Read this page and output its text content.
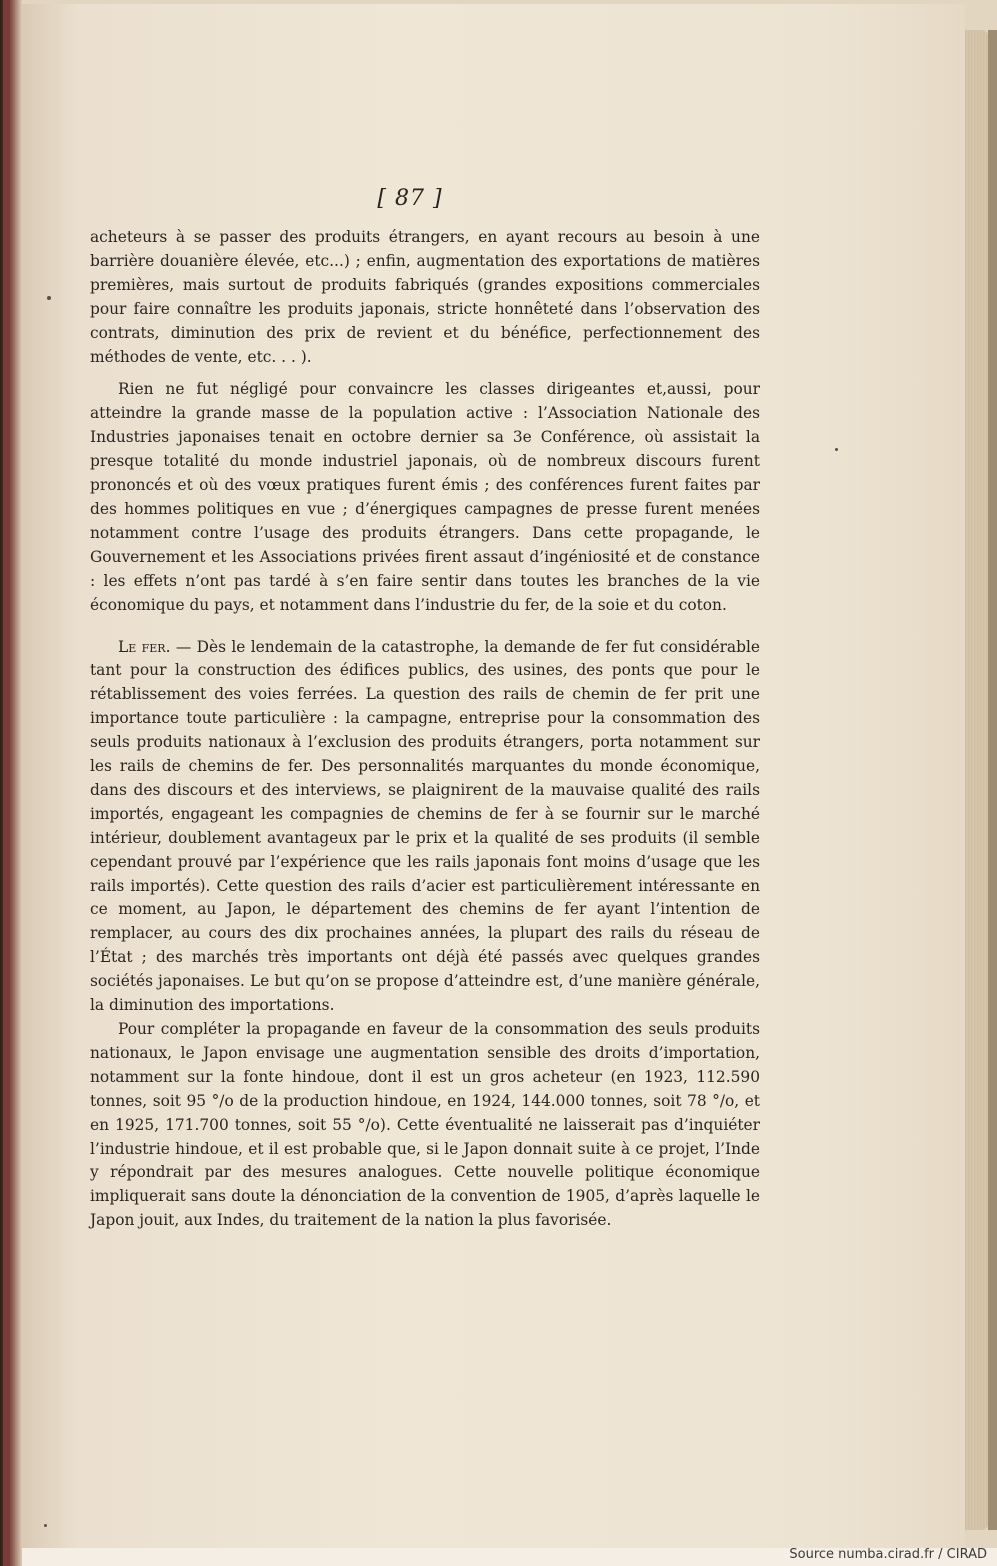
[ 87 ]

acheteurs à se passer des produits étrangers, en ayant recours au besoin à une barrière douanière élevée, etc...) ; enfin, augmentation des exportations de matières premières, mais surtout de produits fabriqués (grandes expositions commerciales pour faire connaître les produits japonais, stricte honnêteté dans l’observation des contrats, diminution des prix de revient et du bénéfice, perfectionnement des méthodes de vente, etc. . . ).

Rien ne fut négligé pour convaincre les classes dirigeantes et,aussi, pour atteindre la grande masse de la population active : l’Association Nationale des Industries japonaises tenait en octobre dernier sa 3e Conférence, où assistait la presque totalité du monde industriel japonais, où de nombreux discours furent prononcés et où des vœux pratiques furent émis ; des conférences furent faites par des hommes politiques en vue ; d’énergiques campagnes de presse furent menées notamment contre l’usage des produits étrangers. Dans cette propagande, le Gouvernement et les Associations privées firent assaut d’ingéniosité et de constance : les effets n’ont pas tardé à s’en faire sentir dans toutes les branches de la vie économique du pays, et notamment dans l’industrie du fer, de la soie et du coton.

Le fer. — Dès le lendemain de la catastrophe, la demande de fer fut considérable tant pour la construction des édifices publics, des usines, des ponts que pour le rétablissement des voies ferrées. La question des rails de chemin de fer prit une importance toute particulière : la campagne, entreprise pour la consommation des seuls produits nationaux à l’exclusion des produits étrangers, porta notamment sur les rails de chemins de fer. Des personnalités marquantes du monde économique, dans des discours et des interviews, se plaignirent de la mauvaise qualité des rails importés, engageant les compagnies de chemins de fer à se fournir sur le marché intérieur, doublement avantageux par le prix et la qualité de ses produits (il semble cependant prouvé par l’expérience que les rails japonais font moins d’usage que les rails importés). Cette question des rails d’acier est particulièrement intéressante en ce moment, au Japon, le département des chemins de fer ayant l’intention de remplacer, au cours des dix prochaines années, la plupart des rails du réseau de l’État ; des marchés très importants ont déjà été passés avec quelques grandes sociétés japonaises. Le but qu’on se propose d’atteindre est, d’une manière générale, la diminution des importations.

Pour compléter la propagande en faveur de la consommation des seuls produits nationaux, le Japon envisage une augmentation sensible des droits d’importation, notamment sur la fonte hindoue, dont il est un gros acheteur (en 1923, 112.590 tonnes, soit 95 °/o de la production hindoue, en 1924, 144.000 tonnes, soit 78 °/o, et en 1925, 171.700 tonnes, soit 55 °/o). Cette éventualité ne laisserait pas d’inquiéter l’industrie hindoue, et il est probable que, si le Japon donnait suite à ce projet, l’Inde y répondrait par des mesures analogues. Cette nouvelle politique économique impliquerait sans doute la dénonciation de la convention de 1905, d’après laquelle le Japon jouit, aux Indes, du traitement de la nation la plus favorisée.

Source numba.cirad.fr / CIRAD
